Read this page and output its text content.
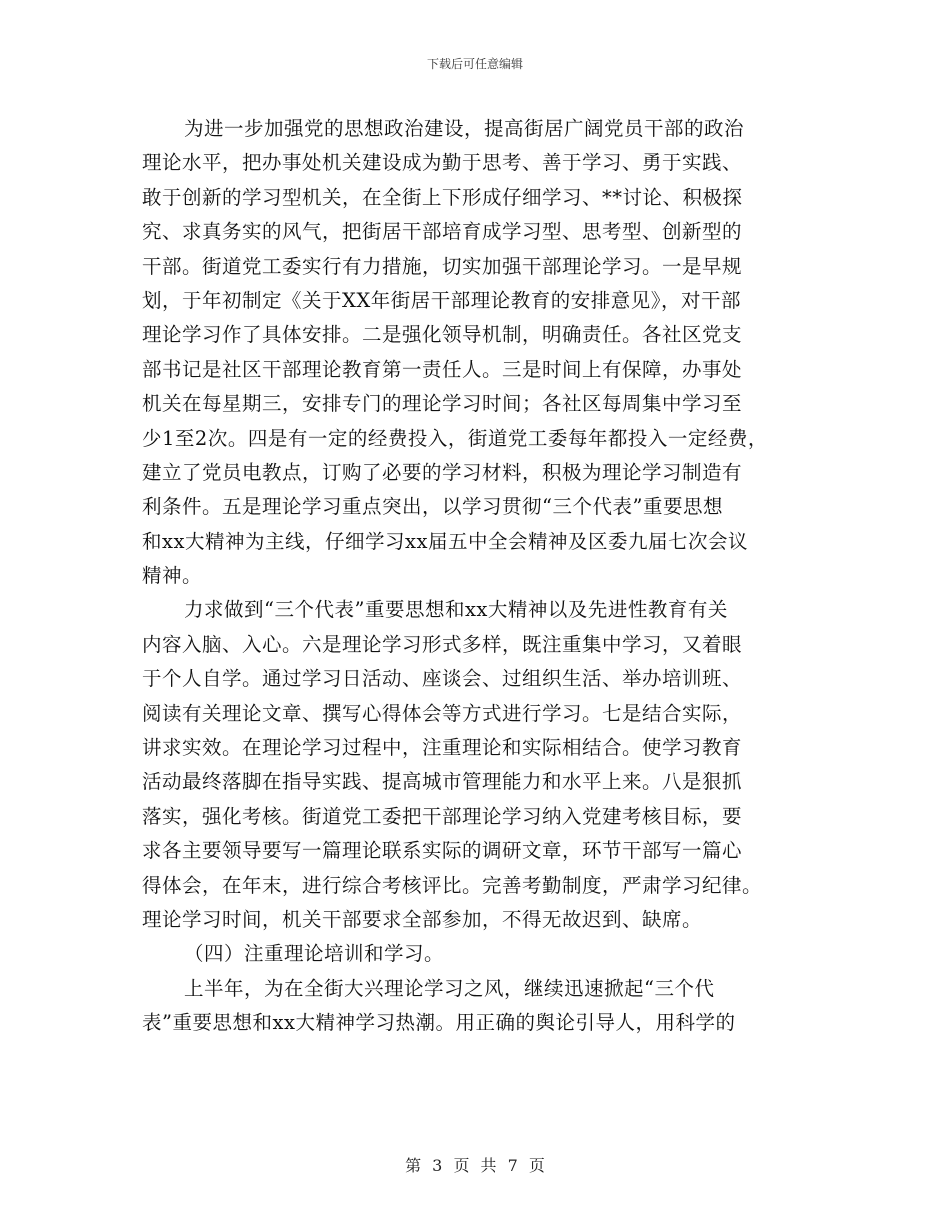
下载后可任意编辑
为进一步加强党的思想政治建设，提高街居广阔党员干部的政治
理论水平，把办事处机关建设成为勤于思考、善于学习、勇于实践、
敢于创新的学习型机关，在全街上下形成仔细学习、**讨论、积极探
究、求真务实的风气，把街居干部培育成学习型、思考型、创新型的
干部。街道党工委实行有力措施，切实加强干部理论学习。一是早规
划，于年初制定《关于XX年街居干部理论教育的安排意见》，对干部
理论学习作了具体安排。二是强化领导机制，明确责任。各社区党支
部书记是社区干部理论教育第一责任人。三是时间上有保障，办事处
机关在每星期三，安排专门的理论学习时间；各社区每周集中学习至
少1至2次。四是有一定的经费投入，街道党工委每年都投入一定经费，
建立了党员电教点，订购了必要的学习材料，积极为理论学习制造有
利条件。五是理论学习重点突出，以学习贯彻“三个代表”重要思想
和xx大精神为主线，仔细学习xx届五中全会精神及区委九届七次会议
精神。
力求做到“三个代表”重要思想和xx大精神以及先进性教育有关
内容入脑、入心。六是理论学习形式多样，既注重集中学习，又着眼
于个人自学。通过学习日活动、座谈会、过组织生活、举办培训班、
阅读有关理论文章、撰写心得体会等方式进行学习。七是结合实际，
讲求实效。在理论学习过程中，注重理论和实际相结合。使学习教育
活动最终落脚在指导实践、提高城市管理能力和水平上来。八是狠抓
落实，强化考核。街道党工委把干部理论学习纳入党建考核目标，要
求各主要领导要写一篇理论联系实际的调研文章，环节干部写一篇心
得体会，在年末，进行综合考核评比。完善考勤制度，严肃学习纪律。
理论学习时间，机关干部要求全部参加，不得无故迟到、缺席。
（四）注重理论培训和学习。
上半年，为在全街大兴理论学习之风，继续迅速掀起“三个代
表”重要思想和xx大精神学习热潮。用正确的舆论引导人，用科学的
第 3 页 共 7 页
